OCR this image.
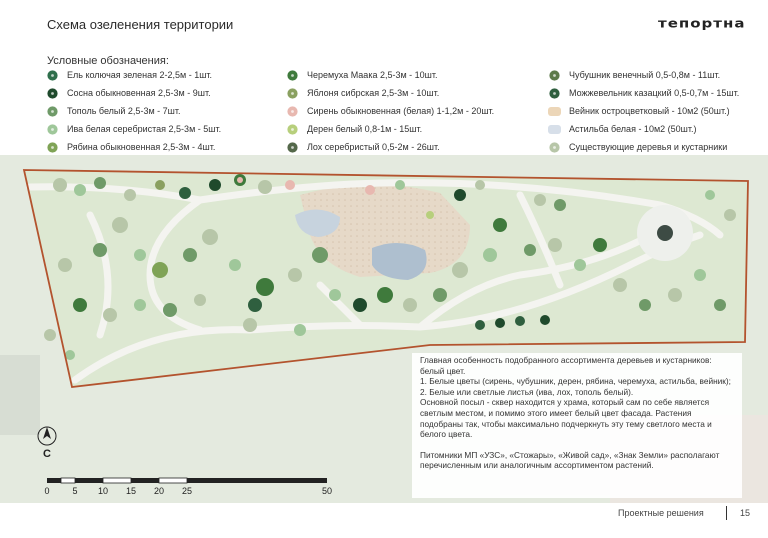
Схема озеленения территории	тепортна
Условные обозначения:
Ель колючая зеленая 2-2,5м - 1шт.
Сосна обыкновенная 2,5-3м - 9шт.
Тополь белый 2,5-3м - 7шт.
Ива белая серебристая 2,5-3м - 5шт.
Рябина обыкновенная 2,5-3м - 4шт.
Черемуха Маака 2,5-3м - 10шт.
Яблоня сибрская 2,5-3м - 10шт.
Сирень обыкновенная (белая) 1-1,2м - 20шт.
Дерен белый 0,8-1м - 15шт.
Лох серебристый 0,5-2м - 26шт.
Чубушник венечный 0,5-0,8м - 11шт.
Можжевельник казацкий 0,5-0,7м - 15шт.
Вейник остроцветковый - 10м2 (50шт.)
Астильба белая - 10м2 (50шт.)
Существующие деревья и кустарники
С
0	5 10 15 20 25	50

Главная особенность подобранного ассортимента деревьев и кустарников: белый цвет.

1. Белые цветы (сирень, чубушник, дерен, рябина, черемуха, астильба, вейник);

2. Белые или светлые листья (ива, лох, тополь белый).

Основной посыл - сквер находится у храма, который сам по себе является светлым местом, и помимо этого имеет белый цвет фасада. Растения подобраны так, чтобы максимально подчеркнуть эту тему светлого места и белого цвета.

Питомники МП «УЗС», «Стожары», «Живой сад», «Знак Земли» располагают перечисленным или аналогичным ассортиментом растений.

Проектные решения	15
